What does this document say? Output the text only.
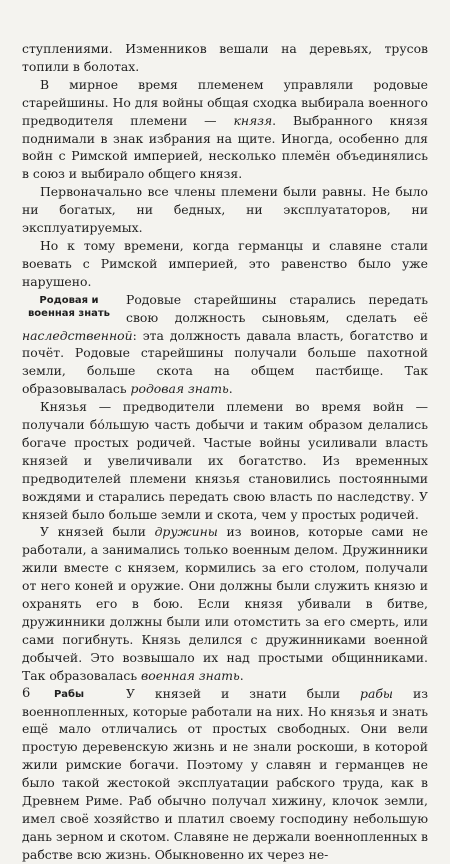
ступлениями. Изменников вешали на деревьях, трусов топили в болотах.

В мирное время племенем управляли родовые старейшины. Но для войны общая сходка выбирала военного предводителя племени — князя. Выбранного князя поднимали в знак избрания на щите. Иногда, особенно для войн с Римской империей, несколько племён объединялись в союз и выбирало общего князя.

Первоначально все члены племени были равны. Не было ни богатых, ни бедных, ни эксплуататоров, ни эксплуатируемых.

Но к тому времени, когда германцы и славяне стали воевать с Римской империей, это равенство было уже нарушено.

Родовая и военная знать
Родовые старейшины старались передать свою должность сыновьям, сделать её наследственной: эта должность давала власть, богатство и почёт. Родовые старейшины получали больше пахотной земли, больше скота на общем пастбище. Так образовывалась родовая знать.

Князья — предводители племени во время войн — получали бо́льшую часть добычи и таким образом делались богаче простых родичей. Частые войны усиливали власть князей и увеличивали их богатство. Из временных предводителей племени князья становились постоянными вождями и старались передать свою власть по наследству. У князей было больше земли и скота, чем у простых родичей.

У князей были дружины из воинов, которые сами не работали, а занимались только военным делом. Дружинники жили вместе с князем, кормились за его столом, получали от него коней и оружие. Они должны были служить князю и охранять его в бою. Если князя убивали в битве, дружинники должны были или отомстить за его смерть, или сами погибнуть. Князь делился с дружинниками военной добычей. Это возвышало их над простыми общинниками. Так образовалась военная знать.

Рабы	У князей и знати были рабы из военнопленных, которые работали на них. Но князья и знать ещё мало отличались от простых свободных. Они вели простую деревенскую жизнь и не знали роскоши, в которой жили римские богачи. Поэтому у славян и германцев не было такой жестокой эксплуатации рабского труда, как в Древнем Риме. Раб обычно получал хижину, клочок земли, имел своё хозяйство и платил своему господину небольшую дань зерном и скотом. Славяне не держали военнопленных в рабстве всю жизнь. Обыкновенно их через не-

6
